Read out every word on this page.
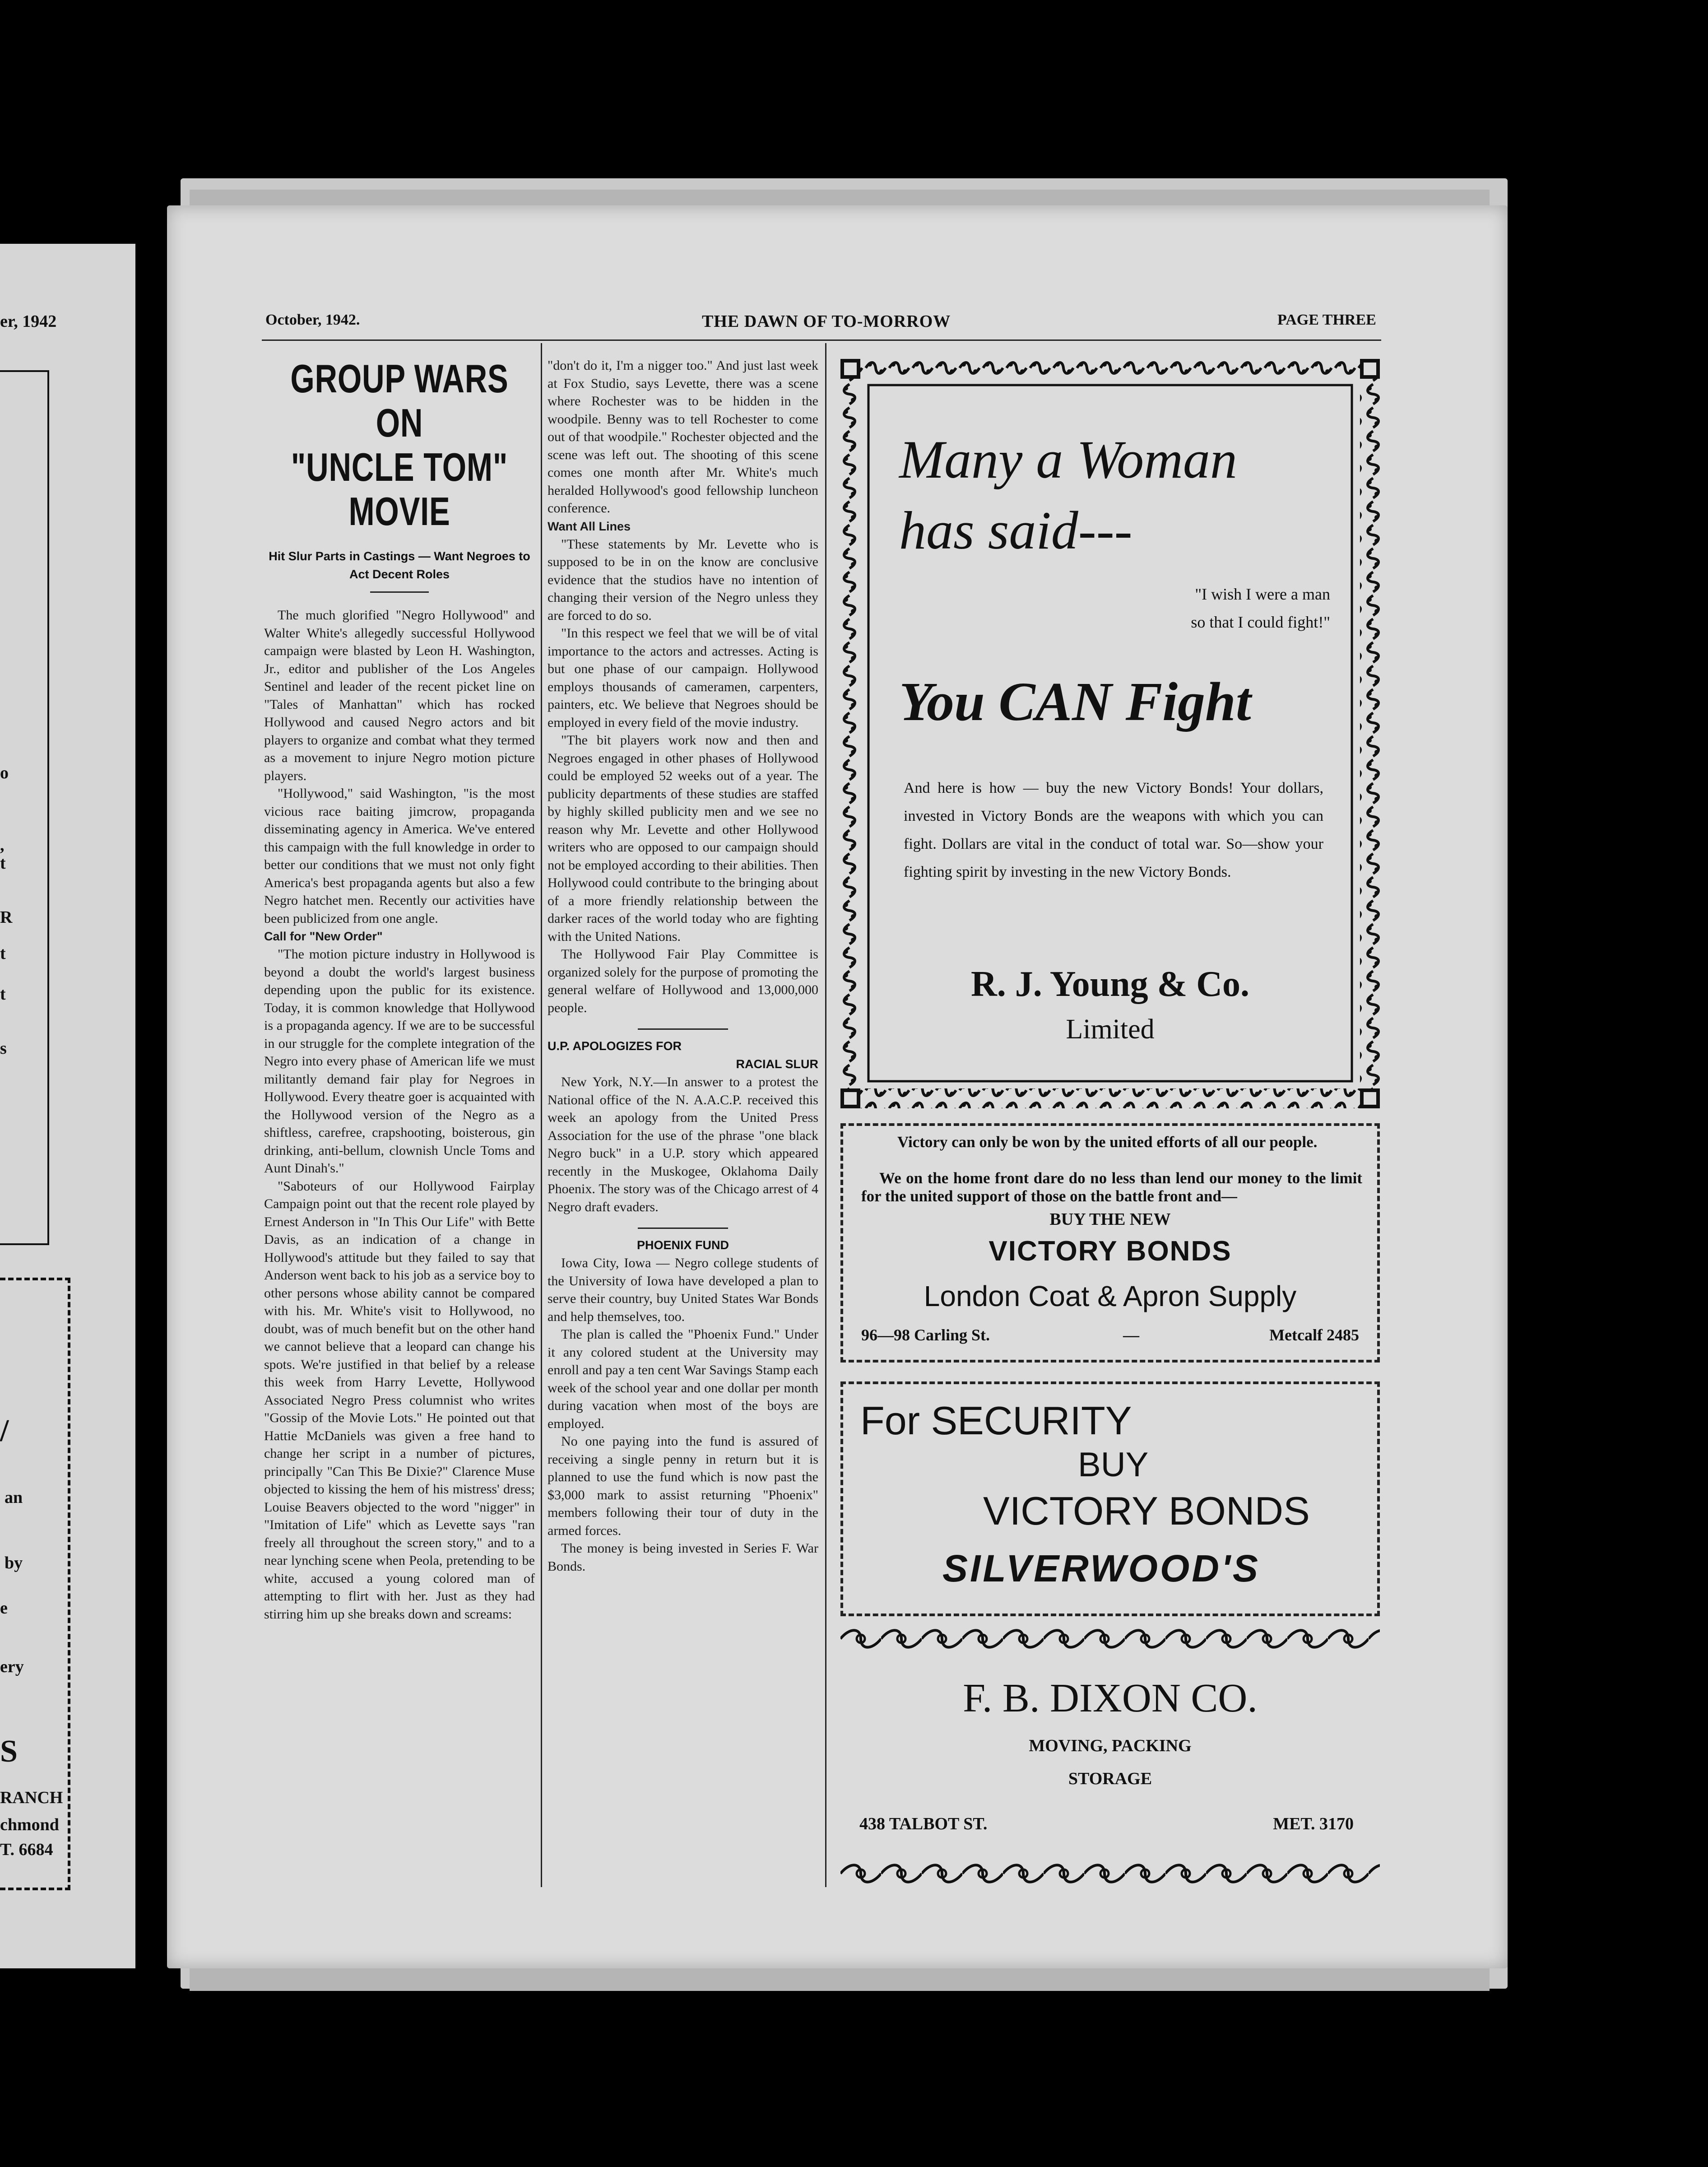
er, 1942
o
,
t
R
t
t
s
/
an
by
e
ery
S
RANCH
chmond
T. 6684
October, 1942.	THE DAWN OF TO-MORROW	PAGE THREE
GROUP WARS ON
"UNCLE TOM" MOVIE
Hit Slur Parts in Castings — Want Negroes to Act Decent Roles

The much glorified "Negro Hollywood" and Walter White's allegedly successful Hollywood campaign were blasted by Leon H. Washington, Jr., editor and publisher of the Los Angeles Sentinel and leader of the recent picket line on "Tales of Manhattan" which has rocked Hollywood and caused Negro actors and bit players to organize and combat what they termed as a movement to injure Negro motion picture players.

"Hollywood," said Washington, "is the most vicious race baiting jimcrow, propaganda disseminating agency in America. We've entered this campaign with the full knowledge in order to better our conditions that we must not only fight America's best propaganda agents but also a few Negro hatchet men. Recently our activities have been publicized from one angle.

Call for "New Order"

"The motion picture industry in Hollywood is beyond a doubt the world's largest business depending upon the public for its existence. Today, it is common knowledge that Hollywood is a propaganda agency. If we are to be successful in our struggle for the complete integration of the Negro into every phase of American life we must militantly demand fair play for Negroes in Hollywood. Every theatre goer is acquainted with the Hollywood version of the Negro as a shiftless, carefree, crapshooting, boisterous, gin drinking, anti-bellum, clownish Uncle Toms and Aunt Dinah's."

"Saboteurs of our Hollywood Fairplay Campaign point out that the recent role played by Ernest Anderson in "In This Our Life" with Bette Davis, as an indication of a change in Hollywood's attitude but they failed to say that Anderson went back to his job as a service boy to other persons whose ability cannot be compared with his. Mr. White's visit to Hollywood, no doubt, was of much benefit but on the other hand we cannot believe that a leopard can change his spots. We're justified in that belief by a release this week from Harry Levette, Hollywood Associated Negro Press columnist who writes "Gossip of the Movie Lots." He pointed out that Hattie McDaniels was given a free hand to change her script in a number of pictures, principally "Can This Be Dixie?" Clarence Muse objected to kissing the hem of his mistress' dress; Louise Beavers objected to the word "nigger" in "Imitation of Life" which as Levette says "ran freely all throughout the screen story," and to a near lynching scene when Peola, pretending to be white, accused a young colored man of attempting to flirt with her. Just as they had stirring him up she breaks down and screams:

"don't do it, I'm a nigger too." And just last week at Fox Studio, says Levette, there was a scene where Rochester was to be hidden in the woodpile. Benny was to tell Rochester to come out of that woodpile." Rochester objected and the scene was left out. The shooting of this scene comes one month after Mr. White's much heralded Hollywood's good fellowship luncheon conference.

Want All Lines

"These statements by Mr. Levette who is supposed to be in on the know are conclusive evidence that the studios have no intention of changing their version of the Negro unless they are forced to do so.

"In this respect we feel that we will be of vital importance to the actors and actresses. Acting is but one phase of our campaign. Hollywood employs thousands of cameramen, carpenters, painters, etc. We believe that Negroes should be employed in every field of the movie industry.

"The bit players work now and then and Negroes engaged in other phases of Hollywood could be employed 52 weeks out of a year. The publicity departments of these studies are staffed by highly skilled publicity men and we see no reason why Mr. Levette and other Hollywood writers who are opposed to our campaign should not be employed according to their abilities. Then Hollywood could contribute to the bringing about of a more friendly relationship between the darker races of the world today who are fighting with the United Nations.

The Hollywood Fair Play Committee is organized solely for the purpose of promoting the general welfare of Hollywood and 13,000,000 people.

U.P. APOLOGIZES FOR
RACIAL SLUR

New York, N.Y.—In answer to a protest the National office of the N. A.A.C.P. received this week an apology from the United Press Association for the use of the phrase "one black Negro buck" in a U.P. story which appeared recently in the Muskogee, Oklahoma Daily Phoenix. The story was of the Chicago arrest of 4 Negro draft evaders.

PHOENIX FUND

Iowa City, Iowa — Negro college students of the University of Iowa have developed a plan to serve their country, buy United States War Bonds and help themselves, too.

The plan is called the "Phoenix Fund." Under it any colored student at the University may enroll and pay a ten cent War Savings Stamp each week of the school year and one dollar per month during vacation when most of the boys are employed.

No one paying into the fund is assured of receiving a single penny in return but it is planned to use the fund which is now past the $3,000 mark to assist returning "Phoenix" members following their tour of duty in the armed forces.

The money is being invested in Series F. War Bonds.

Many a Woman
has said---
"I wish I were a man
so that I could fight!"
You CAN Fight
And here is how — buy the new Victory Bonds! Your dollars, invested in Victory Bonds are the weapons with which you can fight. Dollars are vital in the conduct of total war. So—show your fighting spirit by investing in the new Victory Bonds.
R. J. Young & Co.
Limited
Victory can only be won by the united efforts of all our people.
We on the home front dare do no less than lend our money to the limit for the united support of those on the battle front and—
BUY THE NEW
VICTORY BONDS
London Coat & Apron Supply
96—98 Carling St.	—	Metcalf 2485
For SECURITY
BUY
VICTORY BONDS
SILVERWOOD'S
F. B. DIXON CO.
MOVING, PACKING
STORAGE
438 TALBOT ST.	MET. 3170
